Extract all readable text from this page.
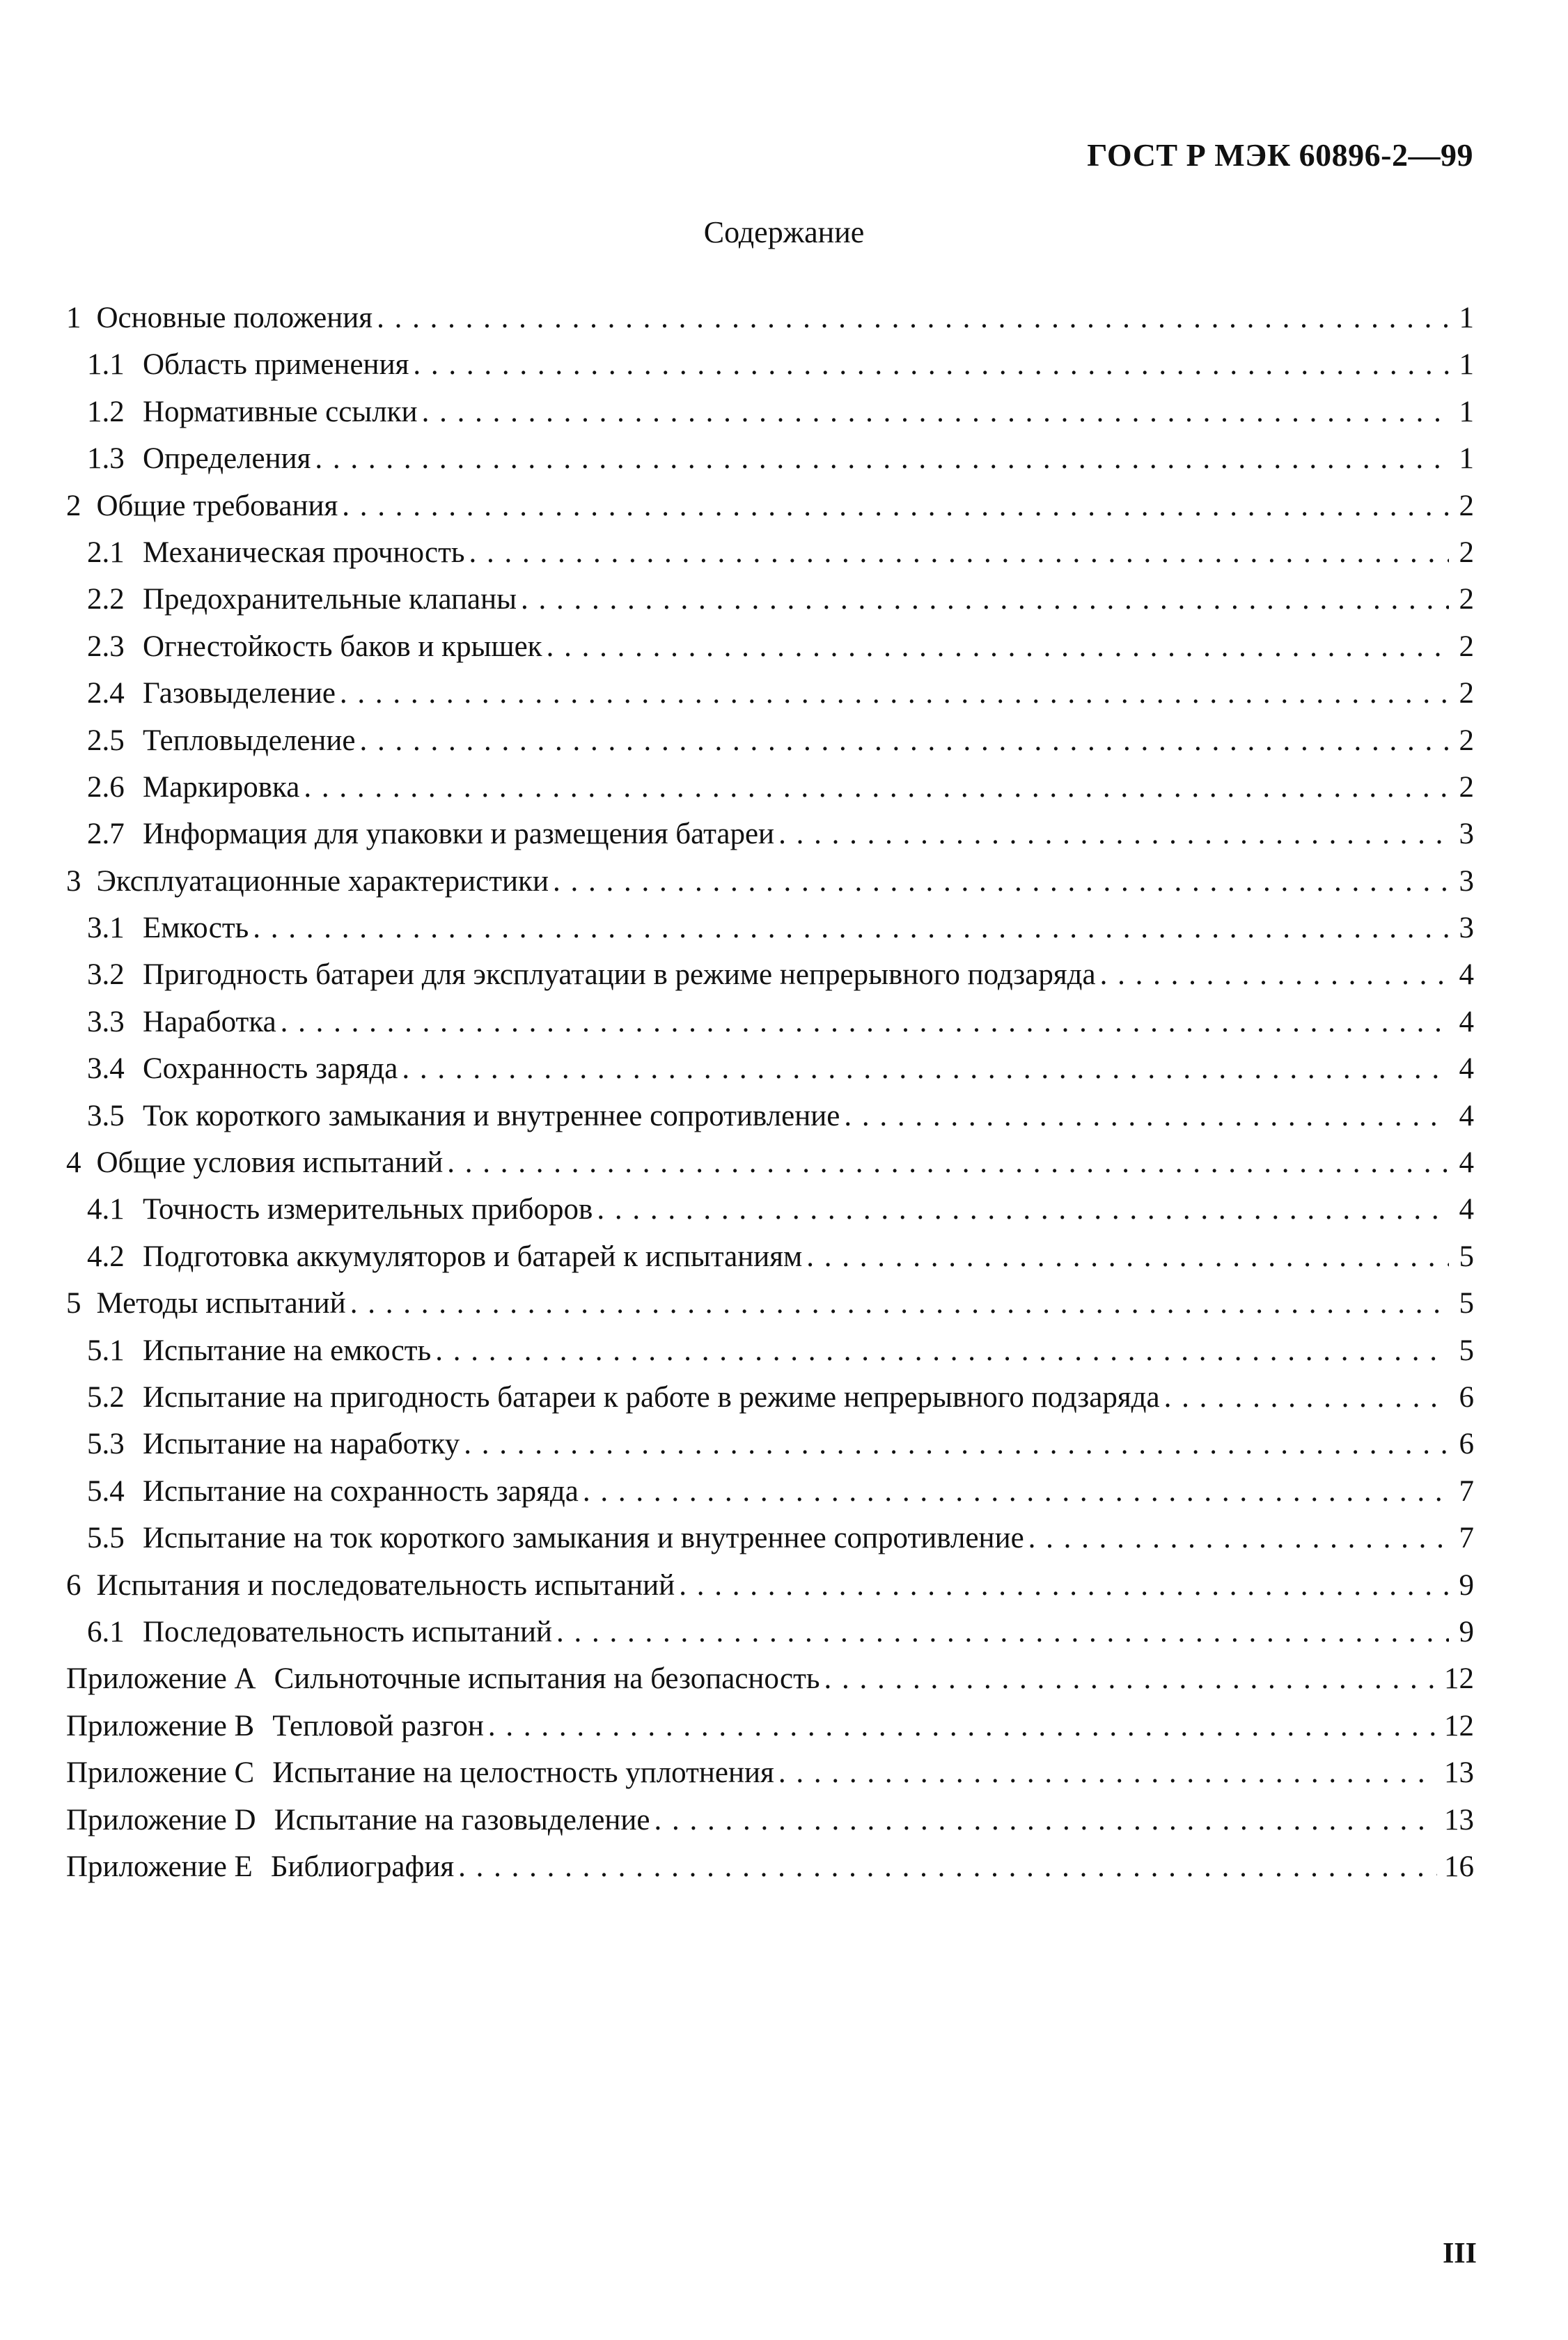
ГОСТ Р МЭК 60896-2—99
Содержание
1 Основные положения . . .	1
1.1 Область применения . . .	1
1.2 Нормативные ссылки . . .	1
1.3 Определения . . .	1
2 Общие требования . . .	2
2.1 Механическая прочность . . .	2
2.2 Предохранительные клапаны . . .	2
2.3 Огнестойкость баков и крышек . . .	2
2.4 Газовыделение . . .	2
2.5 Тепловыделение . . .	2
2.6 Маркировка . . .	2
2.7 Информация для упаковки и размещения батареи . . .	3
3 Эксплуатационные характеристики . . .	3
3.1 Емкость . . .	3
3.2 Пригодность батареи для эксплуатации в режиме непрерывного подзаряда . . .	4
3.3 Наработка . . .	4
3.4 Сохранность заряда . . .	4
3.5 Ток короткого замыкания и внутреннее сопротивление . . .	4
4 Общие условия испытаний . . .	4
4.1 Точность измерительных приборов . . .	4
4.2 Подготовка аккумуляторов и батарей к испытаниям . . .	5
5 Методы испытаний . . .	5
5.1 Испытание на емкость . . .	5
5.2 Испытание на пригодность батареи к работе в режиме непрерывного подзаряда . . .	6
5.3 Испытание на наработку . . .	6
5.4 Испытание на сохранность заряда . . .	7
5.5 Испытание на ток короткого замыкания и внутреннее сопротивление . . .	7
6 Испытания и последовательность испытаний . . .	9
6.1 Последовательность испытаний . . .	9
Приложение A Сильноточные испытания на безопасность . . .	12
Приложение B Тепловой разгон . . .	12
Приложение C Испытание на целостность уплотнения . . .	13
Приложение D Испытание на газовыделение . . .	13
Приложение E Библиография . . .	16
III
